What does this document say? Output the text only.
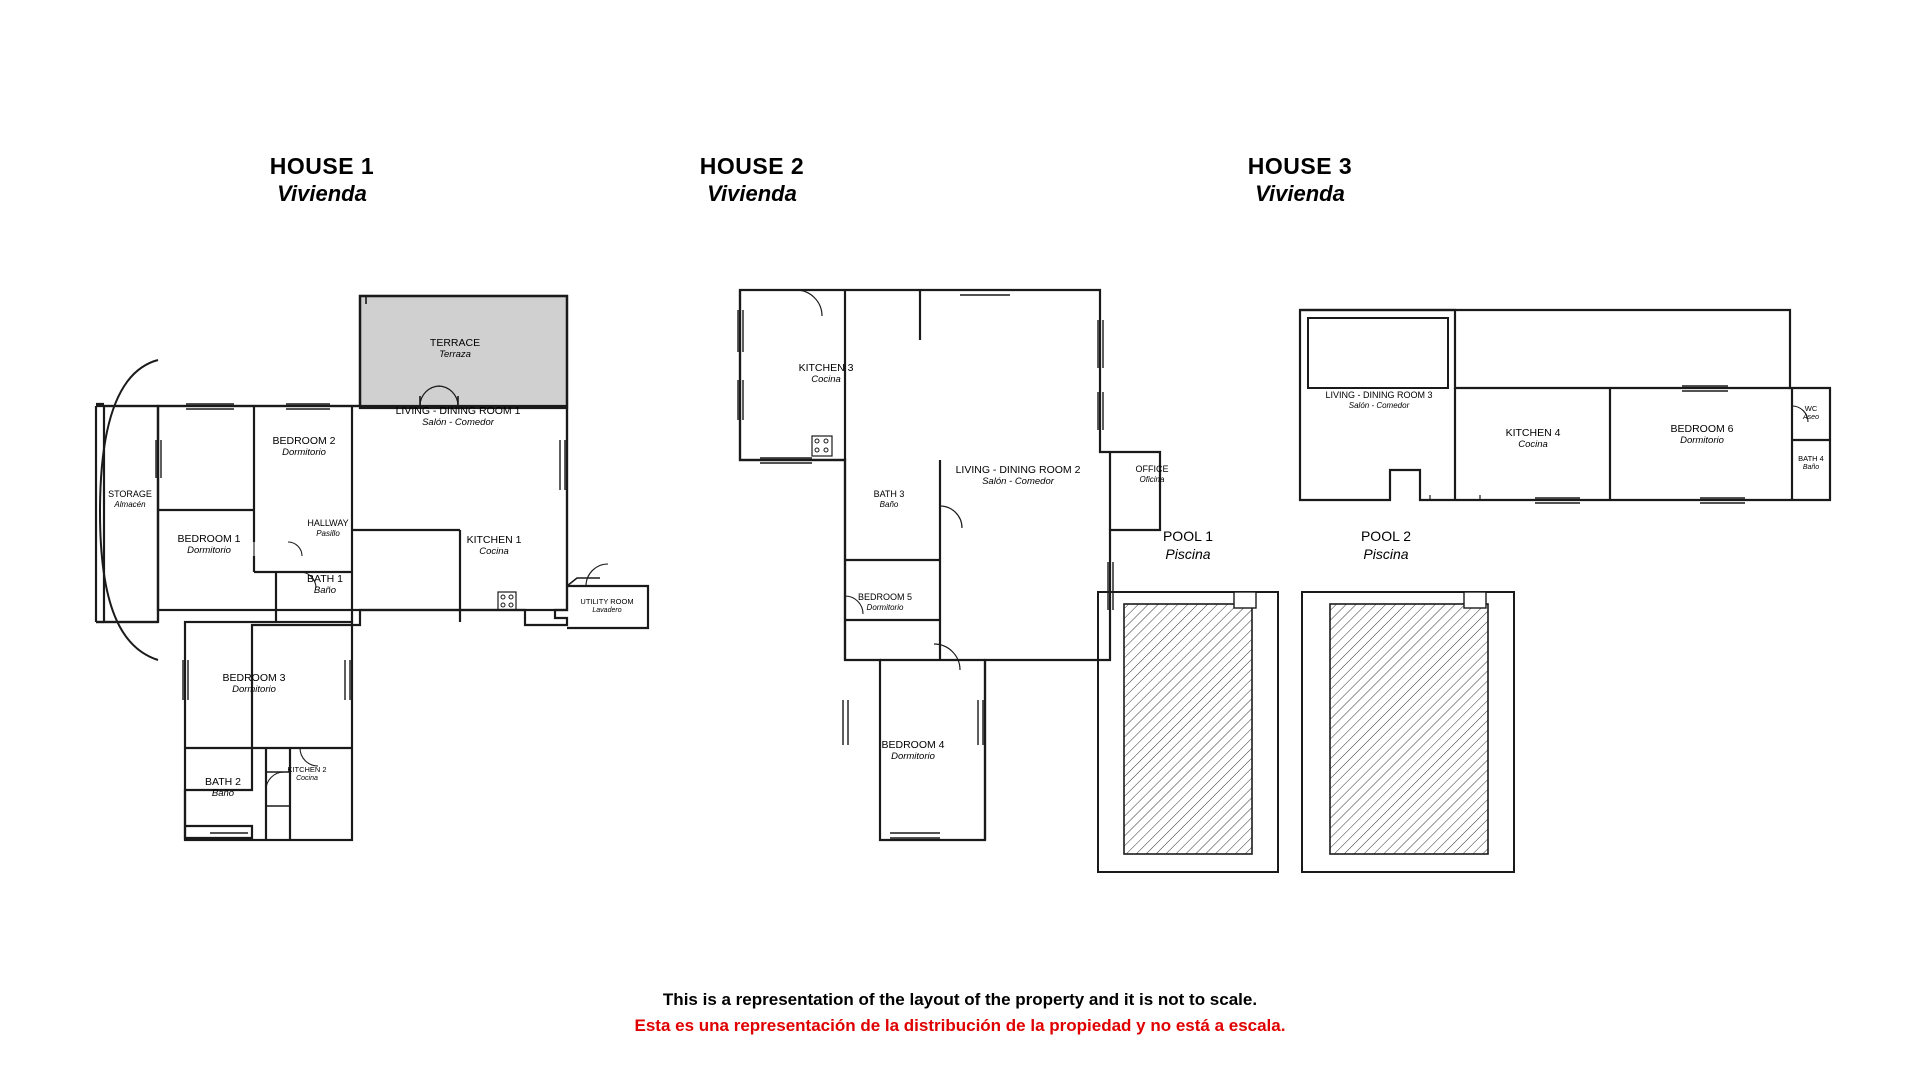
HOUSE 1
Vivienda
HOUSE 2
Vivienda
HOUSE 3
Vivienda
POOL 1
Piscina
POOL 2
Piscina
TERRACE
Terraza
STORAGE
Almacén
BEDROOM 2
Dormitorio
LIVING - DINING ROOM 1
Salón - Comedor
BEDROOM 1
Dormitorio
HALLWAY
Pasillo
KITCHEN 1
Cocina
BATH 1
Baño
UTILITY ROOM
Lavadero
BEDROOM 3
Dormitorio
BATH 2
Baño
KITCHEN 2
Cocina
KITCHEN 3
Cocina
LIVING - DINING ROOM 2
Salón - Comedor
OFFICE
Oficina
BATH 3
Baño
BEDROOM 5
Dormitorio
BEDROOM 4
Dormitorio
LIVING - DINING ROOM 3
Salón - Comedor
KITCHEN 4
Cocina
BEDROOM 6
Dormitorio
WC
Aseo
BATH 4
Baño
This is a representation of the layout of the property and it is not to scale.
Esta es una representación de la distribución de la propiedad y no está a escala.
